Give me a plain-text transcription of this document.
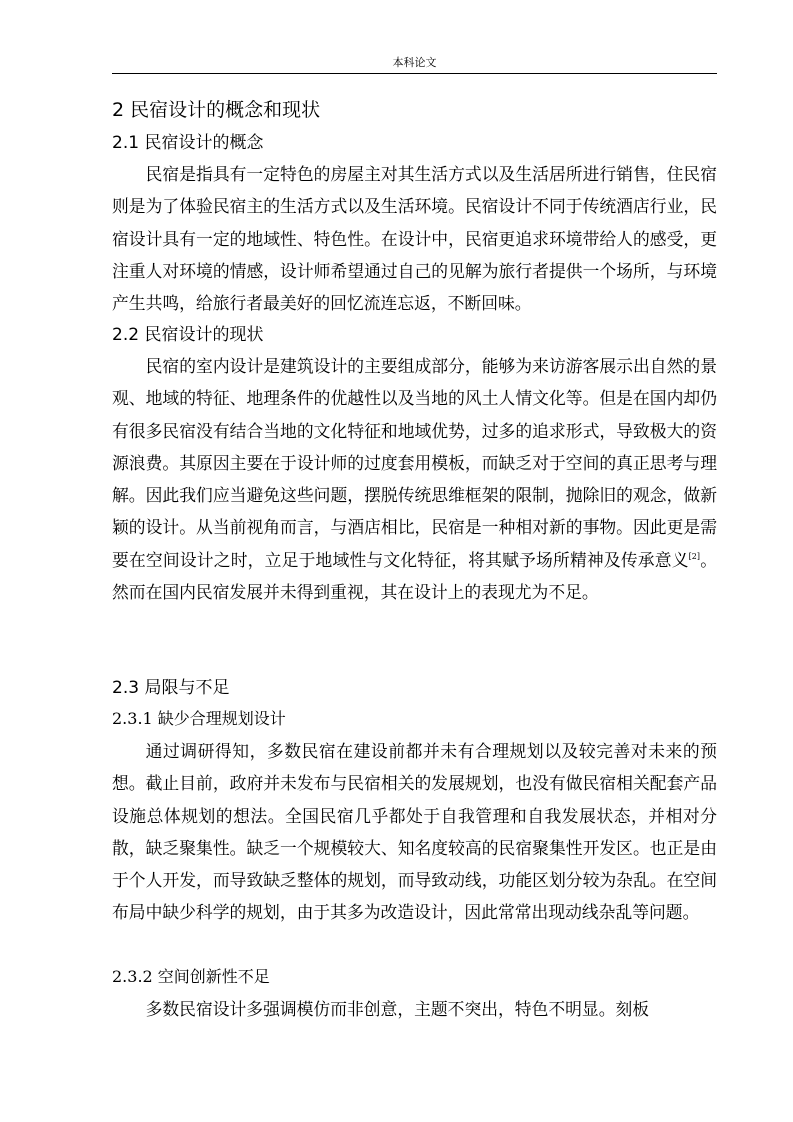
本科论文
2 民宿设计的概念和现状
2.1 民宿设计的概念

民宿是指具有一定特色的房屋主对其生活方式以及生活居所进行销售，住民宿则是为了体验民宿主的生活方式以及生活环境。民宿设计不同于传统酒店行业，民宿设计具有一定的地域性、特色性。在设计中，民宿更追求环境带给人的感受，更注重人对环境的情感，设计师希望通过自己的见解为旅行者提供一个场所，与环境产生共鸣，给旅行者最美好的回忆流连忘返，不断回味。

2.2 民宿设计的现状

民宿的室内设计是建筑设计的主要组成部分，能够为来访游客展示出自然的景观、地域的特征、地理条件的优越性以及当地的风土人情文化等。但是在国内却仍有很多民宿没有结合当地的文化特征和地域优势，过多的追求形式，导致极大的资源浪费。其原因主要在于设计师的过度套用模板，而缺乏对于空间的真正思考与理解。因此我们应当避免这些问题，摆脱传统思维框架的限制，抛除旧的观念，做新颖的设计。从当前视角而言，与酒店相比，民宿是一种相对新的事物。因此更是需要在空间设计之时，立足于地域性与文化特征，将其赋予场所精神及传承意义[2]。然而在国内民宿发展并未得到重视，其在设计上的表现尤为不足。

2.3 局限与不足
2.3.1 缺少合理规划设计

通过调研得知，多数民宿在建设前都并未有合理规划以及较完善对未来的预想。截止目前，政府并未发布与民宿相关的发展规划，也没有做民宿相关配套产品设施总体规划的想法。全国民宿几乎都处于自我管理和自我发展状态，并相对分散，缺乏聚集性。缺乏一个规模较大、知名度较高的民宿聚集性开发区。也正是由于个人开发，而导致缺乏整体的规划，而导致动线，功能区划分较为杂乱。在空间布局中缺少科学的规划，由于其多为改造设计，因此常常出现动线杂乱等问题。

2.3.2 空间创新性不足

多数民宿设计多强调模仿而非创意，主题不突出，特色不明显。刻板
